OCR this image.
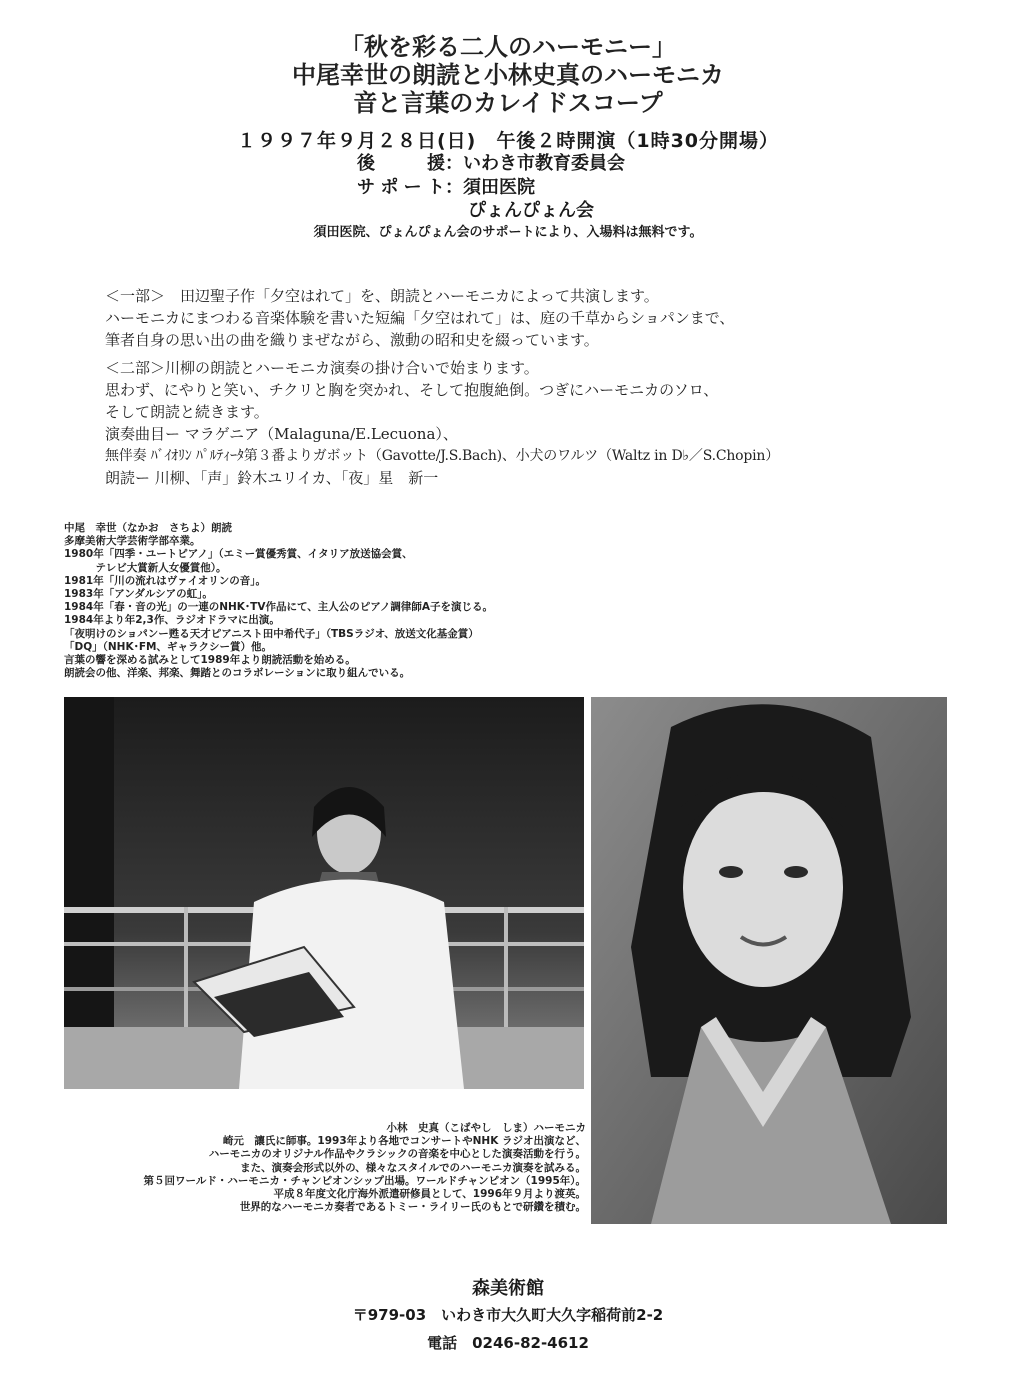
「秋を彩る二人のハーモニー」
中尾幸世の朗読と小林史真のハーモニカ
音と言葉のカレイドスコープ
１９９７年９月２８日(日)　午後２時開演（1時30分開場）
後援：いわき市教育委員会
サポート：須田医院
ぴょんぴょん会
須田医院、ぴょんぴょん会のサポートにより、入場料は無料です。
＜一部＞　田辺聖子作「夕空はれて」を、朗読とハーモニカによって共演します。
ハーモニカにまつわる音楽体験を書いた短編「夕空はれて」は、庭の千草からショパンまで、
筆者自身の思い出の曲を織りまぜながら、激動の昭和史を綴っています。
＜二部＞川柳の朗読とハーモニカ演奏の掛け合いで始まります。
思わず、にやりと笑い、チクリと胸を突かれ、そして抱腹絶倒。つぎにハーモニカのソロ、
そして朗読と続きます。
演奏曲目ー マラゲニア（Malaguna/E.Lecuona）、
無伴奏 ﾊﾞｲｵﾘﾝ ﾊﾟﾙﾃｨｰﾀ第３番よりガボット（Gavotte/J.S.Bach)、小犬のワルツ（Waltz in D♭／S.Chopin）
朗読ー 川柳、「声」鈴木ユリイカ、「夜」星　新一
中尾　幸世（なかお　さちよ）朗読
多摩美術大学芸術学部卒業。
1980年「四季・ユートピアノ」（エミー賞優秀賞、イタリア放送協会賞、
　　　テレビ大賞新人女優賞他）。
1981年「川の流れはヴァイオリンの音」。
1983年「アンダルシアの虹」。
1984年「春・音の光」の一連のNHK･TV作品にて、主人公のピアノ調律師A子を演じる。
1984年より年2,3作、ラジオドラマに出演。
「夜明けのショパンー甦る天才ピアニスト田中希代子」（TBSラジオ、放送文化基金賞）
「DQ」（NHK･FM、ギャラクシー賞）他。
言葉の響を深める試みとして1989年より朗読活動を始める。
朗読会の他、洋楽、邦楽、舞踏とのコラボレーションに取り組んでいる。
小林　史真（こばやし　しま）ハーモニカ
崎元　讓氏に師事。1993年より各地でコンサートやNHK ラジオ出演など、
ハーモニカのオリジナル作品やクラシックの音楽を中心とした演奏活動を行う。
また、演奏会形式以外の、様々なスタイルでのハーモニカ演奏を試みる。
第５回ワールド・ハーモニカ・チャンピオンシップ出場。ワールドチャンピオン（1995年）。
平成８年度文化庁海外派遣研修員として、1996年９月より渡英。
世界的なハーモニカ奏者であるトミー・ライリー氏のもとで研鑽を積む。
森美術館
〒979-03　いわき市大久町大久字稲荷前2-2
電話　 0246-82-4612
